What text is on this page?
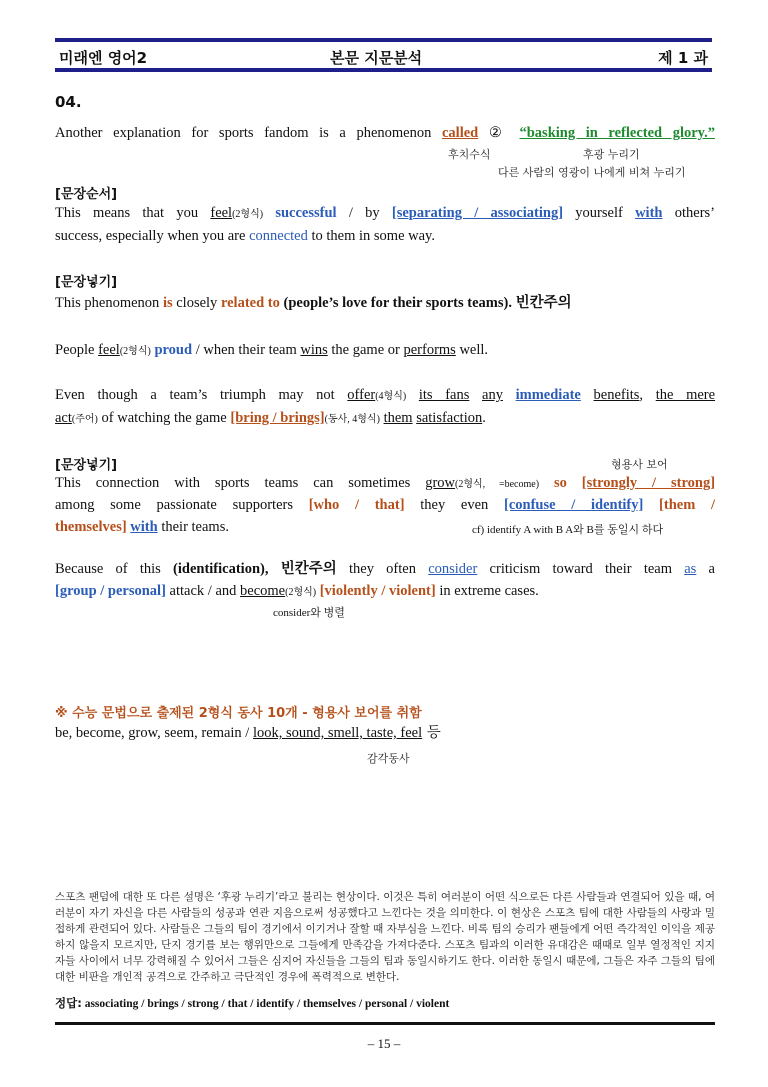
미래엔 영어2	본문 지문분석	제 1 과
04.
Another explanation for sports fandom is a phenomenon called ② “basking in reflected glory.”
후치수식	후광 누리기
다른 사람의 영광이 나에게 비쳐 누리기
[문장순서]
This means that you feel(2형식) successful / by [separating / associating] yourself with others’
success, especially when you are connected to them in some way.
[문장넣기]
This phenomenon is closely related to (people’s love for their sports teams). 빈칸주의
People feel(2형식) proud / when their team wins the game or performs well.
Even though a team’s triumph may not offer(4형식) its fans any immediate benefits, the mere
act(주어) of watching the game [bring / brings](동사, 4형식) them satisfaction.
[문장넣기]	형용사 보어
This connection with sports teams can sometimes grow(2형식, =become) so [strongly / strong]
among some passionate supporters [who / that] they even [confuse / identify] [them /
themselves] with their teams.	cf) identify A with B A와 B를 동일시 하다
Because of this (identification), 빈칸주의 they often consider criticism toward their team as a
[group / personal] attack / and become(2형식) [violently / violent] in extreme cases.
consider와 병렬
※ 수능 문법으로 출제된 2형식 동사 10개 - 형용사 보어를 취함
be, become, grow, seem, remain / look, sound, smell, taste, feel 등
감각동사
스포츠 팬덤에 대한 또 다른 설명은 ‘후광 누리기’라고 불리는 현상이다. 이것은 특히 여러분이 어떤 식으로든 다른 사람들과 연결되어 있을 때, 여러분이 자기 자신을 다른 사람들의 성공과 연관 지음으로써 성공했다고 느낀다는 것을 의미한다. 이 현상은 스포츠 팀에 대한 사람들의 사랑과 밀접하게 관련되어 있다. 사람들은 그들의 팀이 경기에서 이기거나 잘할 때 자부심을 느낀다. 비록 팀의 승리가 팬들에게 어떤 즉각적인 이익을 제공하지 않을지 모르지만, 단지 경기를 보는 행위만으로 그들에게 만족감을 가져다준다. 스포츠 팀과의 이러한 유대감은 때때로 일부 열정적인 지지자들 사이에서 너무 강력해질 수 있어서 그들은 심지어 자신들을 그들의 팀과 동일시하기도 한다. 이러한 동일시 때문에, 그들은 자주 그들의 팀에 대한 비판을 개인적 공격으로 간주하고 극단적인 경우에 폭력적으로 변한다.
정답: associating / brings / strong / that / identify / themselves / personal / violent
– 15 –
